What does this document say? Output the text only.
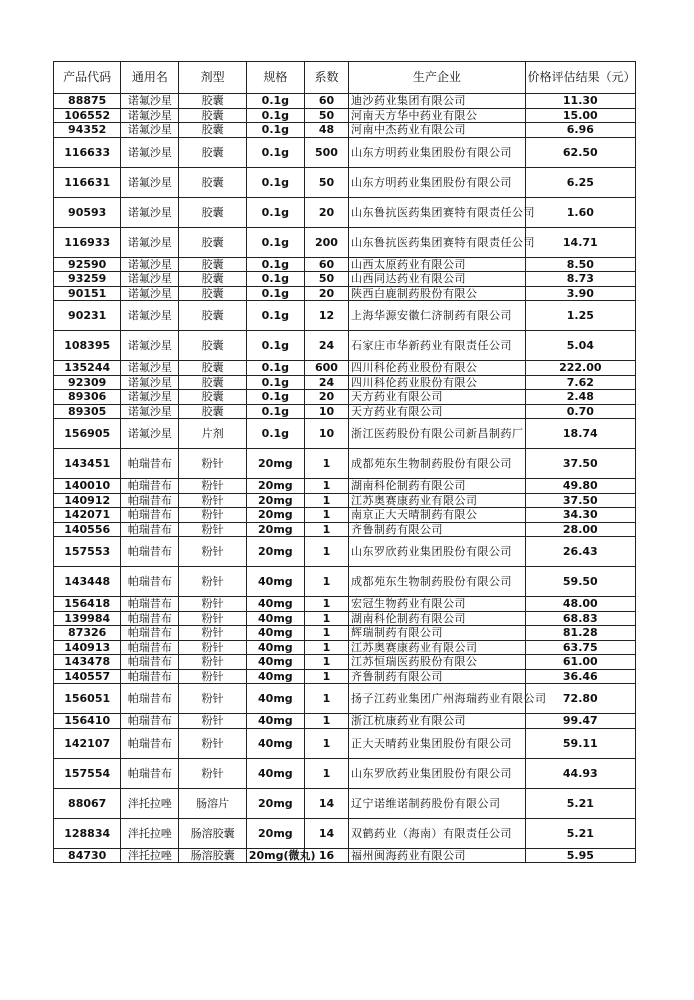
产品代码	通用名	剂型	规格	系数	生产企业	价格评估结果（元）
88875	诺氟沙星	胶囊	0.1g	60	迪沙药业集团有限公司	11.30
106552	诺氟沙星	胶囊	0.1g	50	河南天方华中药业有限公	15.00
94352	诺氟沙星	胶囊	0.1g	48	河南中杰药业有限公司	6.96
116633	诺氟沙星	胶囊	0.1g	500	山东方明药业集团股份有限公司	62.50
116631	诺氟沙星	胶囊	0.1g	50	山东方明药业集团股份有限公司	6.25
90593	诺氟沙星	胶囊	0.1g	20	山东鲁抗医药集团赛特有限责任公司	1.60
116933	诺氟沙星	胶囊	0.1g	200	山东鲁抗医药集团赛特有限责任公司	14.71
92590	诺氟沙星	胶囊	0.1g	60	山西太原药业有限公司	8.50
93259	诺氟沙星	胶囊	0.1g	50	山西同达药业有限公司	8.73
90151	诺氟沙星	胶囊	0.1g	20	陕西白鹿制药股份有限公	3.90
90231	诺氟沙星	胶囊	0.1g	12	上海华源安徽仁济制药有限公司	1.25
108395	诺氟沙星	胶囊	0.1g	24	石家庄市华新药业有限责任公司	5.04
135244	诺氟沙星	胶囊	0.1g	600	四川科伦药业股份有限公	222.00
92309	诺氟沙星	胶囊	0.1g	24	四川科伦药业股份有限公	7.62
89306	诺氟沙星	胶囊	0.1g	20	天方药业有限公司	2.48
89305	诺氟沙星	胶囊	0.1g	10	天方药业有限公司	0.70
156905	诺氟沙星	片剂	0.1g	10	浙江医药股份有限公司新昌制药厂	18.74
143451	帕瑞昔布	粉针	20mg	1	成都苑东生物制药股份有限公司	37.50
140010	帕瑞昔布	粉针	20mg	1	湖南科伦制药有限公司	49.80
140912	帕瑞昔布	粉针	20mg	1	江苏奥赛康药业有限公司	37.50
142071	帕瑞昔布	粉针	20mg	1	南京正大天晴制药有限公	34.30
140556	帕瑞昔布	粉针	20mg	1	齐鲁制药有限公司	28.00
157553	帕瑞昔布	粉针	20mg	1	山东罗欣药业集团股份有限公司	26.43
143448	帕瑞昔布	粉针	40mg	1	成都苑东生物制药股份有限公司	59.50
156418	帕瑞昔布	粉针	40mg	1	宏冠生物药业有限公司	48.00
139984	帕瑞昔布	粉针	40mg	1	湖南科伦制药有限公司	68.83
87326	帕瑞昔布	粉针	40mg	1	辉瑞制药有限公司	81.28
140913	帕瑞昔布	粉针	40mg	1	江苏奥赛康药业有限公司	63.75
143478	帕瑞昔布	粉针	40mg	1	江苏恒瑞医药股份有限公	61.00
140557	帕瑞昔布	粉针	40mg	1	齐鲁制药有限公司	36.46
156051	帕瑞昔布	粉针	40mg	1	扬子江药业集团广州海瑞药业有限公司	72.80
156410	帕瑞昔布	粉针	40mg	1	浙江杭康药业有限公司	99.47
142107	帕瑞昔布	粉针	40mg	1	正大天晴药业集团股份有限公司	59.11
157554	帕瑞昔布	粉针	40mg	1	山东罗欣药业集团股份有限公司	44.93
88067	泮托拉唑	肠溶片	20mg	14	辽宁诺维诺制药股份有限公司	5.21
128834	泮托拉唑	肠溶胶囊	20mg	14	双鹤药业（海南）有限责任公司	5.21
84730	泮托拉唑	肠溶胶囊	20mg(微丸)	16	福州闽海药业有限公司	5.95
